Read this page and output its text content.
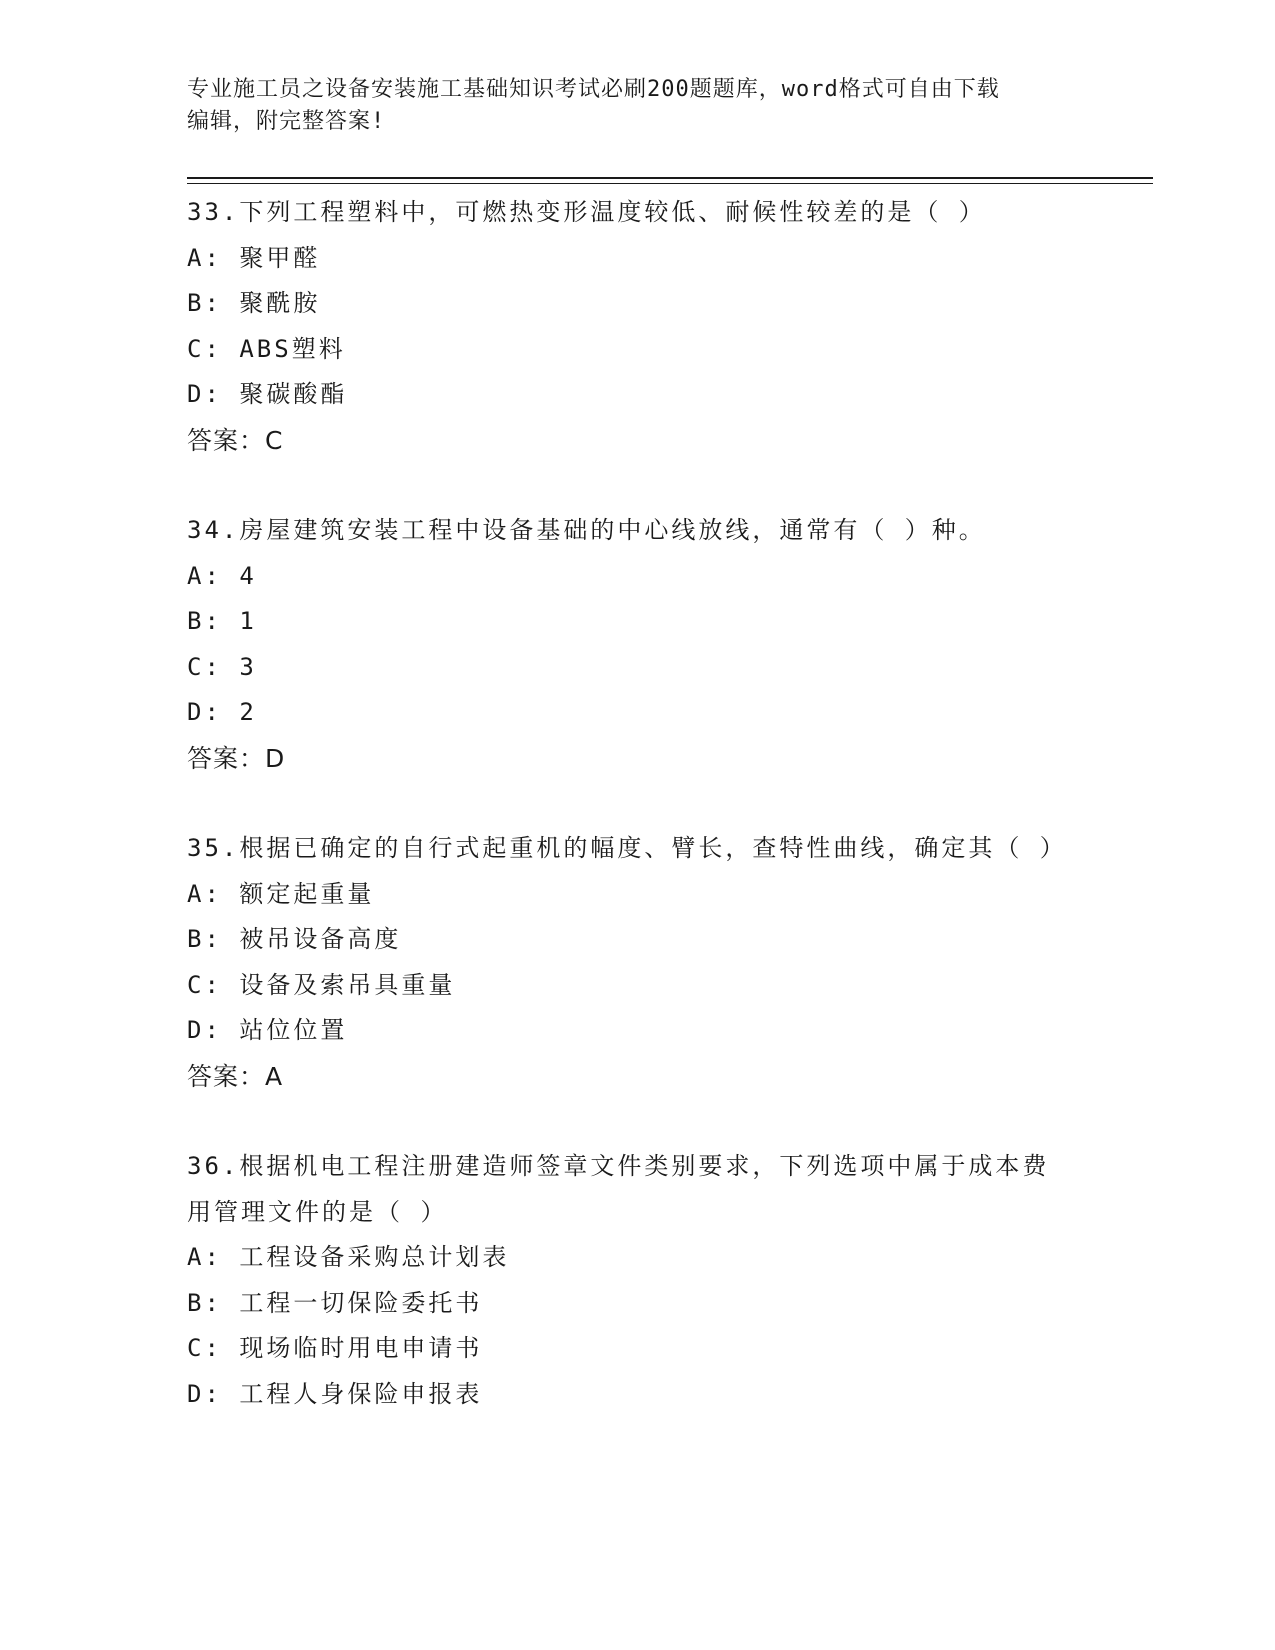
专业施工员之设备安装施工基础知识考试必刷200题题库，word格式可自由下载
编辑，附完整答案!
33.下列工程塑料中，可燃热变形温度较低、耐候性较差的是（ ）
A: 聚甲醛
B: 聚酰胺
C: ABS塑料
D: 聚碳酸酯
答案：C
34.房屋建筑安装工程中设备基础的中心线放线，通常有（ ）种。
A: 4
B: 1
C: 3
D: 2
答案：D
35.根据已确定的自行式起重机的幅度、臂长，查特性曲线，确定其（ ）
A: 额定起重量
B: 被吊设备高度
C: 设备及索吊具重量
D: 站位位置
答案：A
36.根据机电工程注册建造师签章文件类别要求，下列选项中属于成本费用管理文件的是（ ）
A: 工程设备采购总计划表
B: 工程一切保险委托书
C: 现场临时用电申请书
D: 工程人身保险申报表
